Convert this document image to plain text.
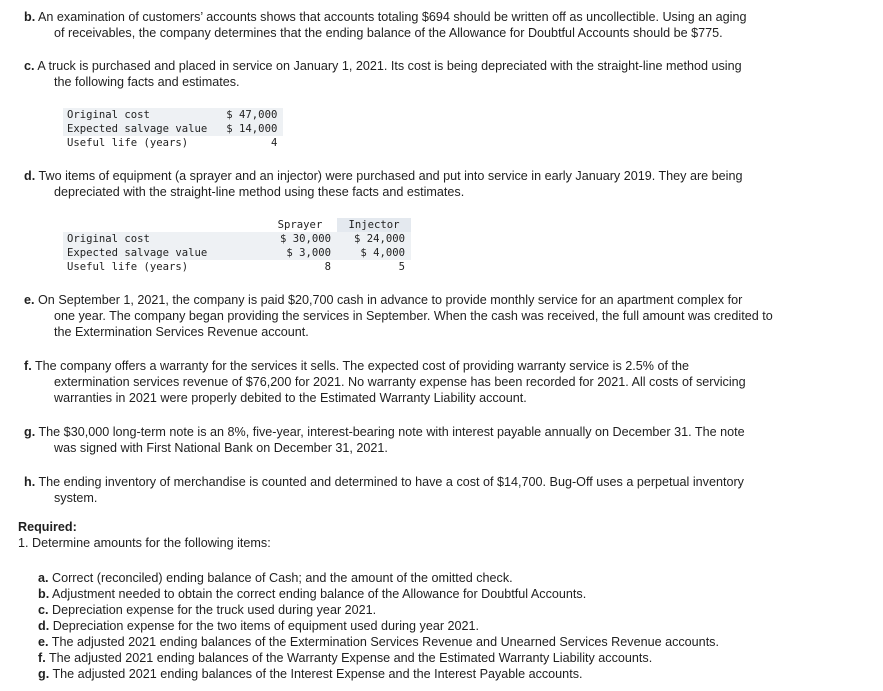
b. An examination of customers’ accounts shows that accounts totaling $694 should be written off as uncollectible. Using an aging
of receivables, the company determines that the ending balance of the Allowance for Doubtful Accounts should be $775.
c. A truck is purchased and placed in service on January 1, 2021. Its cost is being depreciated with the straight-line method using
the following facts and estimates.
Original cost	$ 47,000
Expected salvage value	$ 14,000
Useful life (years)	4
d. Two items of equipment (a sprayer and an injector) were purchased and put into service in early January 2019. They are being
depreciated with the straight-line method using these facts and estimates.
	Sprayer	Injector
Original cost	$ 30,000	$ 24,000
Expected salvage value	$ 3,000	$ 4,000
Useful life (years)	8	5
e. On September 1, 2021, the company is paid $20,700 cash in advance to provide monthly service for an apartment complex for
one year. The company began providing the services in September. When the cash was received, the full amount was credited to
the Extermination Services Revenue account.
f. The company offers a warranty for the services it sells. The expected cost of providing warranty service is 2.5% of the
extermination services revenue of $76,200 for 2021. No warranty expense has been recorded for 2021. All costs of servicing
warranties in 2021 were properly debited to the Estimated Warranty Liability account.
g. The $30,000 long-term note is an 8%, five-year, interest-bearing note with interest payable annually on December 31. The note
was signed with First National Bank on December 31, 2021.
h. The ending inventory of merchandise is counted and determined to have a cost of $14,700. Bug-Off uses a perpetual inventory
system.
Required:
1. Determine amounts for the following items:
a. Correct (reconciled) ending balance of Cash; and the amount of the omitted check.
b. Adjustment needed to obtain the correct ending balance of the Allowance for Doubtful Accounts.
c. Depreciation expense for the truck used during year 2021.
d. Depreciation expense for the two items of equipment used during year 2021.
e. The adjusted 2021 ending balances of the Extermination Services Revenue and Unearned Services Revenue accounts.
f. The adjusted 2021 ending balances of the Warranty Expense and the Estimated Warranty Liability accounts.
g. The adjusted 2021 ending balances of the Interest Expense and the Interest Payable accounts.
